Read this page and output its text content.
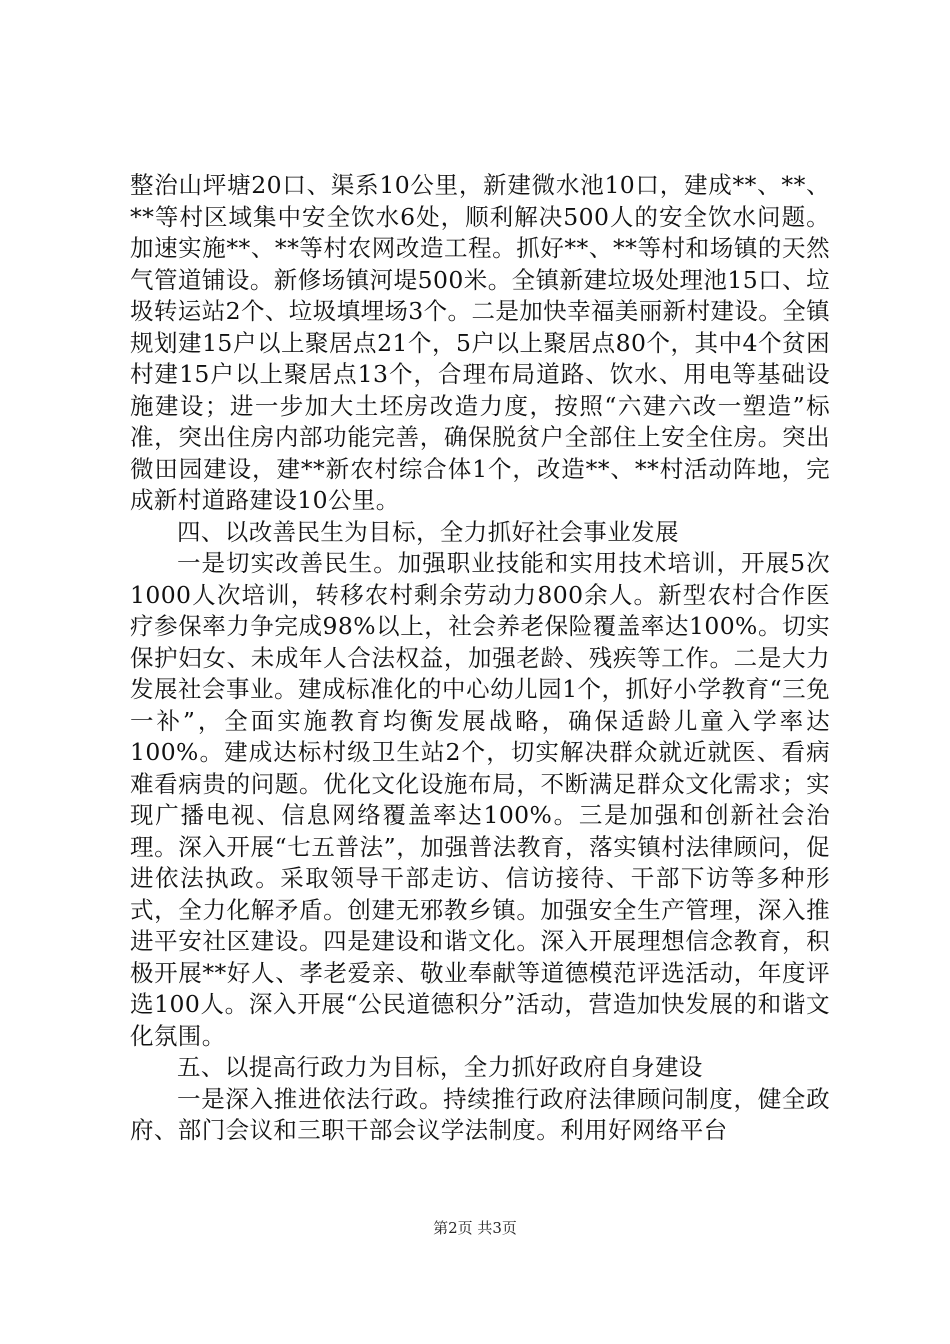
整治山坪塘20口、渠系10公里，新建微水池10口，建成**、**、**等村区域集中安全饮水6处，顺利解决500人的安全饮水问题。加速实施**、**等村农网改造工程。抓好**、**等村和场镇的天然气管道铺设。新修场镇河堤500米。全镇新建垃圾处理池15口、垃圾转运站2个、垃圾填埋场3个。二是加快幸福美丽新村建设。全镇规划建15户以上聚居点21个，5户以上聚居点80个，其中4个贫困村建15户以上聚居点13个，合理布局道路、饮水、用电等基础设施建设；进一步加大土坯房改造力度，按照“六建六改一塑造”标准，突出住房内部功能完善，确保脱贫户全部住上安全住房。突出微田园建设，建**新农村综合体1个，改造**、**村活动阵地，完成新村道路建设10公里。

四、以改善民生为目标，全力抓好社会事业发展

一是切实改善民生。加强职业技能和实用技术培训，开展5次1000人次培训，转移农村剩余劳动力800余人。新型农村合作医疗参保率力争完成98%以上，社会养老保险覆盖率达100%。切实保护妇女、未成年人合法权益，加强老龄、残疾等工作。二是大力发展社会事业。建成标准化的中心幼儿园1个，抓好小学教育“三免一补”，全面实施教育均衡发展战略，确保适龄儿童入学率达100%。建成达标村级卫生站2个，切实解决群众就近就医、看病难看病贵的问题。优化文化设施布局，不断满足群众文化需求；实现广播电视、信息网络覆盖率达100%。三是加强和创新社会治理。深入开展“七五普法”，加强普法教育，落实镇村法律顾问，促进依法执政。采取领导干部走访、信访接待、干部下访等多种形式，全力化解矛盾。创建无邪教乡镇。加强安全生产管理，深入推进平安社区建设。四是建设和谐文化。深入开展理想信念教育，积极开展**好人、孝老爱亲、敬业奉献等道德模范评选活动，年度评选100人。深入开展“公民道德积分”活动，营造加快发展的和谐文化氛围。

五、以提高行政力为目标，全力抓好政府自身建设

一是深入推进依法行政。持续推行政府法律顾问制度，健全政府、部门会议和三职干部会议学法制度。利用好网络平台

第2页 共3页
